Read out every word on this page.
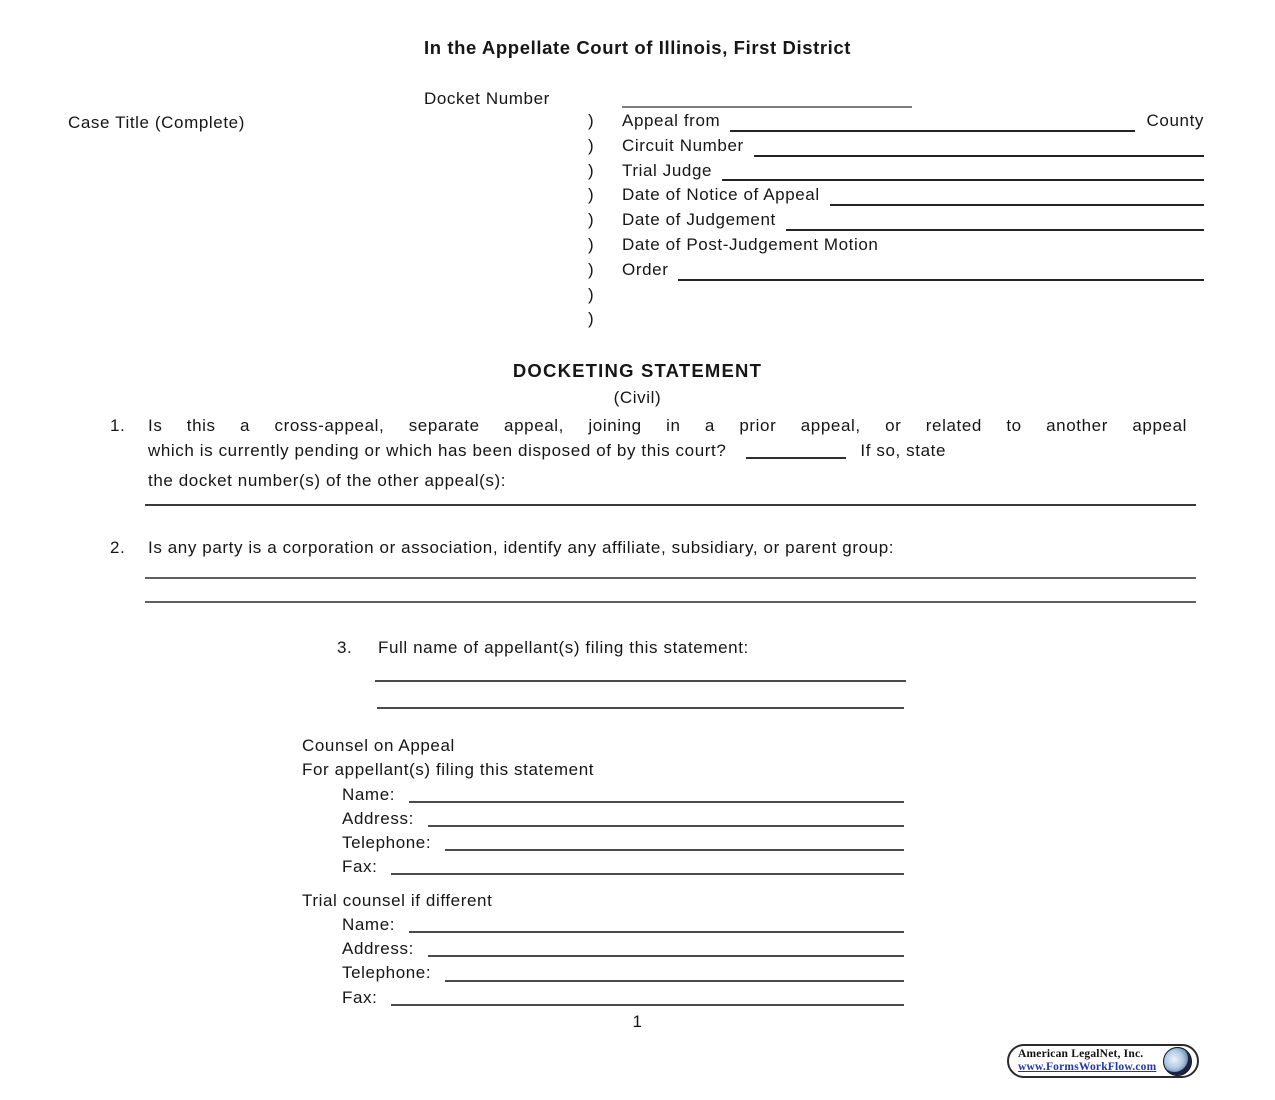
In the Appellate Court of Illinois, First District
Docket Number
Case Title (Complete)	)	Appeal from	County
)	Circuit Number
)	Trial Judge
)	Date of Notice of Appeal
)	Date of Judgement
)	Date of Post-Judgement Motion
)	Order
)
)
DOCKETING STATEMENT
(Civil)
1. Is this a cross-appeal, separate appeal, joining in a prior appeal, or related to another appeal
which is currently pending or which has been disposed of by this court?	If so, state
the docket number(s) of the other appeal(s):
2. Is any party is a corporation or association, identify any affiliate, subsidiary, or parent group:
3. Full name of appellant(s) filing this statement:
Counsel on Appeal
For appellant(s) filing this statement
Name:
Address:
Telephone:
Fax:
Trial counsel if different
Name:
Address:
Telephone:
Fax:
1
American LegalNet, Inc.
www.FormsWorkFlow.com
